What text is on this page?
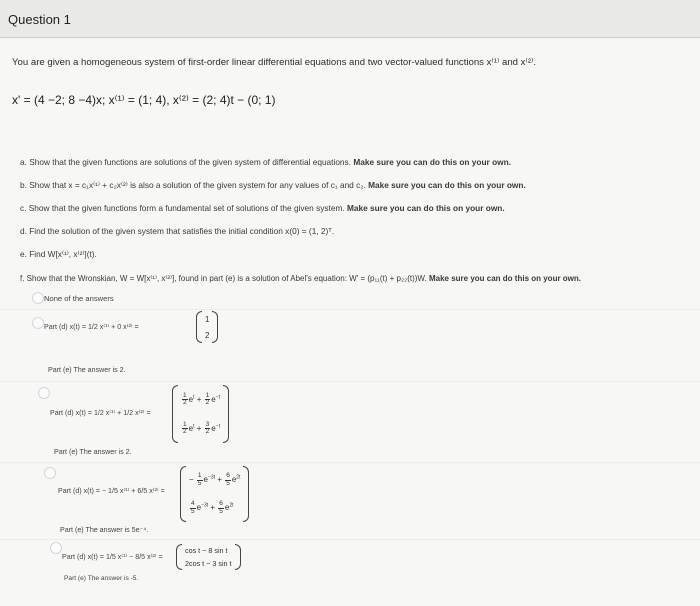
Question 1
You are given a homogeneous system of first-order linear differential equations and two vector-valued functions x⁽¹⁾ and x⁽²⁾.
x' = (4 −2; 8 −4)x; x⁽¹⁾ = (1; 4), x⁽²⁾ = (2; 4)t − (0; 1)
a. Show that the given functions are solutions of the given system of differential equations. Make sure you can do this on your own.
b. Show that x = c₁x⁽¹⁾ + c₂x⁽²⁾ is also a solution of the given system for any values of c₁ and c₂. Make sure you can do this on your own.
c. Show that the given functions form a fundamental set of solutions of the given system. Make sure you can do this on your own.
d. Find the solution of the given system that satisfies the initial condition x(0) = (1, 2)ᵀ.
e. Find W[x⁽¹⁾, x⁽²⁾](t).
f. Show that the Wronskian, W = W[x⁽¹⁾, x⁽²⁾], found in part (e) is a solution of Abel's equation: W' = (p₁₁(t) + p₂₂(t))W. Make sure you can do this on your own.
None of the answers
Part (d) x(t) = 1/2 x⁽¹⁾ + 0 x⁽²⁾ =
1
2
Part (e) The answer is 2.
Part (d) x(t) = 1/2 x⁽¹⁾ + 1/2 x⁽²⁾ =
$\frac{1}{2} e^t + \frac{1}{2} e^{-t}$
$\frac{1}{2} e^t + \frac{3}{2} e^{-t}$
Part (e) The answer is 2.
Part (d) x(t) = − 1/5 x⁽¹⁾ + 6/5 x⁽²⁾ =
− $\frac{1}{5} e^{-3t} + \frac{6}{5} e^{2t}$
$\frac{4}{5} e^{-3t} + \frac{6}{5} e^{2t}$
Part (e) The answer is 5e⁻⁴.
Part (d) x(t) = 1/5 x⁽¹⁾ − 8/5 x⁽²⁾ =
cos t − 8 sin t
2cos t − 3 sin t
Part (e) The answer is -5.
